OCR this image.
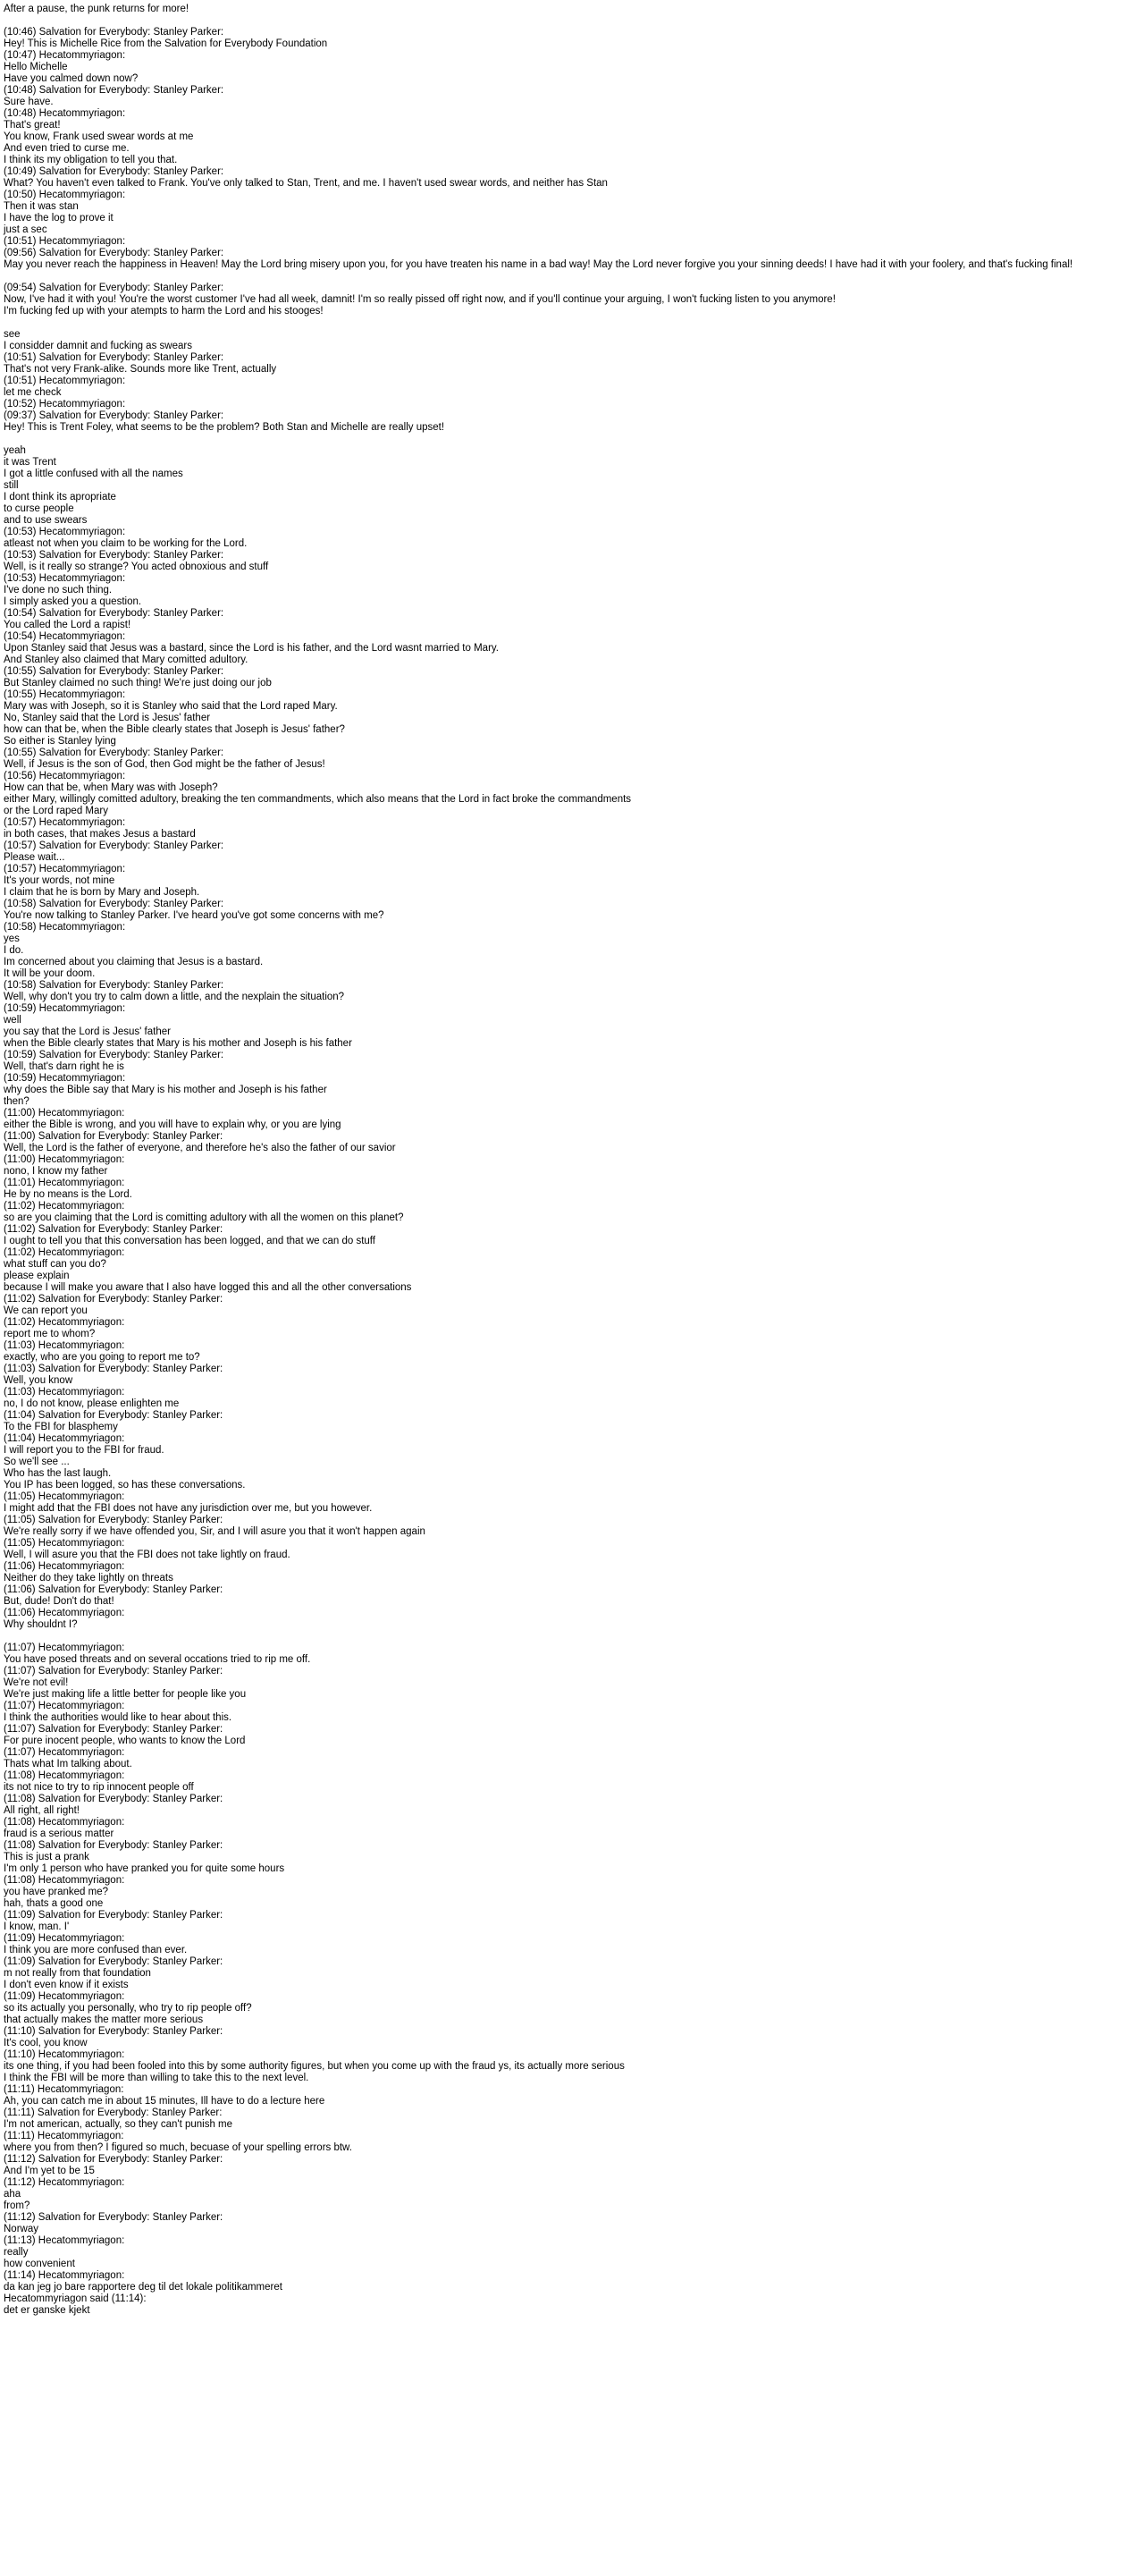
After a pause, the punk returns for more!
(10:46) Salvation for Everybody: Stanley Parker:
Hey! This is Michelle Rice from the Salvation for Everybody Foundation
(10:47) Hecatommyriagon:
Hello Michelle
Have you calmed down now?
(10:48) Salvation for Everybody: Stanley Parker:
Sure have.
(10:48) Hecatommyriagon:
That's great!
You know, Frank used swear words at me
And even tried to curse me.
I think its my obligation to tell you that.
(10:49) Salvation for Everybody: Stanley Parker:
What? You haven't even talked to Frank. You've only talked to Stan, Trent, and me. I haven't used swear words, and neither has Stan
(10:50) Hecatommyriagon:
Then it was stan
I have the log to prove it
just a sec
(10:51) Hecatommyriagon:
(09:56) Salvation for Everybody: Stanley Parker:
May you never reach the happiness in Heaven! May the Lord bring misery upon you, for you have treaten his name in a bad way! May the Lord never forgive you your sinning deeds! I have had it with your foolery, and that's fucking final!
(09:54) Salvation for Everybody: Stanley Parker:
Now, I've had it with you! You're the worst customer I've had all week, damnit! I'm so really pissed off right now, and if you'll continue your arguing, I won't fucking listen to you anymore!
I'm fucking fed up with your atempts to harm the Lord and his stooges!
see
I considder damnit and fucking as swears
(10:51) Salvation for Everybody: Stanley Parker:
That's not very Frank-alike. Sounds more like Trent, actually
(10:51) Hecatommyriagon:
let me check
(10:52) Hecatommyriagon:
(09:37) Salvation for Everybody: Stanley Parker:
Hey! This is Trent Foley, what seems to be the problem? Both Stan and Michelle are really upset!
yeah
it was Trent
I got a little confused with all the names
still
I dont think its apropriate
to curse people
and to use swears
(10:53) Hecatommyriagon:
atleast not when you claim to be working for the Lord.
(10:53) Salvation for Everybody: Stanley Parker:
Well, is it really so strange? You acted obnoxious and stuff
(10:53) Hecatommyriagon:
I've done no such thing.
I simply asked you a question.
(10:54) Salvation for Everybody: Stanley Parker:
You called the Lord a rapist!
(10:54) Hecatommyriagon:
Upon Stanley said that Jesus was a bastard, since the Lord is his father, and the Lord wasnt married to Mary.
And Stanley also claimed that Mary comitted adultory.
(10:55) Salvation for Everybody: Stanley Parker:
But Stanley claimed no such thing! We're just doing our job
(10:55) Hecatommyriagon:
Mary was with Joseph, so it is Stanley who said that the Lord raped Mary.
No, Stanley said that the Lord is Jesus' father
how can that be, when the Bible clearly states that Joseph is Jesus' father?
So either is Stanley lying
(10:55) Salvation for Everybody: Stanley Parker:
Well, if Jesus is the son of God, then God might be the father of Jesus!
(10:56) Hecatommyriagon:
How can that be, when Mary was with Joseph?
either Mary, willingly comitted adultory, breaking the ten commandments, which also means that the Lord in fact broke the commandments
or the Lord raped Mary
(10:57) Hecatommyriagon:
in both cases, that makes Jesus a bastard
(10:57) Salvation for Everybody: Stanley Parker:
Please wait...
(10:57) Hecatommyriagon:
It's your words, not mine
I claim that he is born by Mary and Joseph.
(10:58) Salvation for Everybody: Stanley Parker:
You're now talking to Stanley Parker. I've heard you've got some concerns with me?
(10:58) Hecatommyriagon:
yes
I do.
Im concerned about you claiming that Jesus is a bastard.
It will be your doom.
(10:58) Salvation for Everybody: Stanley Parker:
Well, why don't you try to calm down a little, and the nexplain the situation?
(10:59) Hecatommyriagon:
well
you say that the Lord is Jesus' father
when the Bible clearly states that Mary is his mother and Joseph is his father
(10:59) Salvation for Everybody: Stanley Parker:
Well, that's darn right he is
(10:59) Hecatommyriagon:
why does the Bible say that Mary is his mother and Joseph is his father
then?
(11:00) Hecatommyriagon:
either the Bible is wrong, and you will have to explain why, or you are lying
(11:00) Salvation for Everybody: Stanley Parker:
Well, the Lord is the father of everyone, and therefore he's also the father of our savior
(11:00) Hecatommyriagon:
nono, I know my father
(11:01) Hecatommyriagon:
He by no means is the Lord.
(11:02) Hecatommyriagon:
so are you claiming that the Lord is comitting adultory with all the women on this planet?
(11:02) Salvation for Everybody: Stanley Parker:
I ought to tell you that this conversation has been logged, and that we can do stuff
(11:02) Hecatommyriagon:
what stuff can you do?
please explain
because I will make you aware that I also have logged this and all the other conversations
(11:02) Salvation for Everybody: Stanley Parker:
We can report you
(11:02) Hecatommyriagon:
report me to whom?
(11:03) Hecatommyriagon:
exactly, who are you going to report me to?
(11:03) Salvation for Everybody: Stanley Parker:
Well, you know
(11:03) Hecatommyriagon:
no, I do not know, please enlighten me
(11:04) Salvation for Everybody: Stanley Parker:
To the FBI for blasphemy
(11:04) Hecatommyriagon:
I will report you to the FBI for fraud.
So we'll see ...
Who has the last laugh.
You IP has been logged, so has these conversations.
(11:05) Hecatommyriagon:
I might add that the FBI does not have any jurisdiction over me, but you however.
(11:05) Salvation for Everybody: Stanley Parker:
We're really sorry if we have offended you, Sir, and I will asure you that it won't happen again
(11:05) Hecatommyriagon:
Well, I will asure you that the FBI does not take lightly on fraud.
(11:06) Hecatommyriagon:
Neither do they take lightly on threats
(11:06) Salvation for Everybody: Stanley Parker:
But, dude! Don't do that!
(11:06) Hecatommyriagon:
Why shouldnt I?
(11:07) Hecatommyriagon:
You have posed threats and on several occations tried to rip me off.
(11:07) Salvation for Everybody: Stanley Parker:
We're not evil!
We're just making life a little better for people like you
(11:07) Hecatommyriagon:
I think the authorities would like to hear about this.
(11:07) Salvation for Everybody: Stanley Parker:
For pure inocent people, who wants to know the Lord
(11:07) Hecatommyriagon:
Thats what Im talking about.
(11:08) Hecatommyriagon:
its not nice to try to rip innocent people off
(11:08) Salvation for Everybody: Stanley Parker:
All right, all right!
(11:08) Hecatommyriagon:
fraud is a serious matter
(11:08) Salvation for Everybody: Stanley Parker:
This is just a prank
I'm only 1 person who have pranked you for quite some hours
(11:08) Hecatommyriagon:
you have pranked me?
hah, thats a good one
(11:09) Salvation for Everybody: Stanley Parker:
I know, man. I'
(11:09) Hecatommyriagon:
I think you are more confused than ever.
(11:09) Salvation for Everybody: Stanley Parker:
m not really from that foundation
I don't even know if it exists
(11:09) Hecatommyriagon:
so its actually you personally, who try to rip people off?
that actually makes the matter more serious
(11:10) Salvation for Everybody: Stanley Parker:
It's cool, you know
(11:10) Hecatommyriagon:
its one thing, if you had been fooled into this by some authority figures, but when you come up with the fraud ys, its actually more serious
I think the FBI will be more than willing to take this to the next level.
(11:11) Hecatommyriagon:
Ah, you can catch me in about 15 minutes, Ill have to do a lecture here
(11:11) Salvation for Everybody: Stanley Parker:
I'm not american, actually, so they can't punish me
(11:11) Hecatommyriagon:
where you from then? I figured so much, becuase of your spelling errors btw.
(11:12) Salvation for Everybody: Stanley Parker:
And I'm yet to be 15
(11:12) Hecatommyriagon:
aha
from?
(11:12) Salvation for Everybody: Stanley Parker:
Norway
(11:13) Hecatommyriagon:
really
how convenient
(11:14) Hecatommyriagon:
da kan jeg jo bare rapportere deg til det lokale politikammeret
Hecatommyriagon said (11:14):
det er ganske kjekt
